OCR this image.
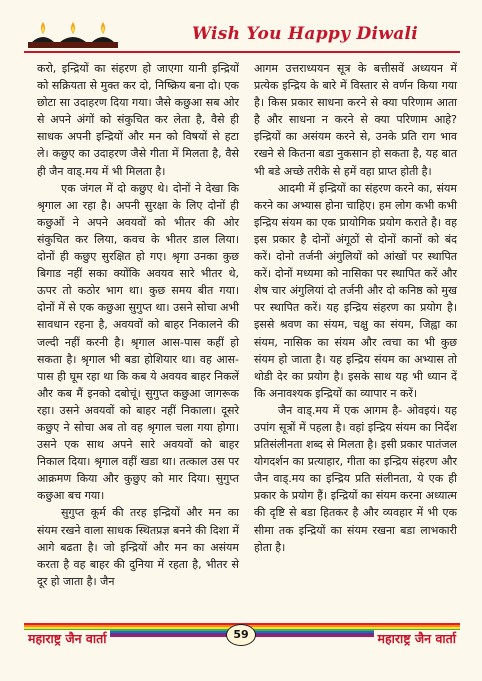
Wish You Happy Diwali

करो, इन्द्रियों का संहरण हो जाएगा यानी इन्द्रियों को सक्रियता से मुक्त कर दो, निष्क्रिय बना दो। एक छोटा सा उदाहरण दिया गया। जैसे कछुआ सब ओर से अपने अंगों को संकुचित कर लेता है, वैसे ही साधक अपनी इन्द्रियों और मन को विषयों से हटा ले। कछुए का उदाहरण जैसे गीता में मिलता है, वैसे ही जैन वाड्.मय में भी मिलता है।

एक जंगल में दो कछुए थे। दोनों ने देखा कि श्रृगाल आ रहा है। अपनी सुरक्षा के लिए दोनों ही कछुओं ने अपने अवयवों को भीतर की ओर संकुचित कर लिया, कवच के भीतर डाल लिया। दोनों ही कछुए सुरक्षित हो गए। श्रृगा उनका कुछ बिगाड नहीं सका क्योंकि अवयव सारे भीतर थे, ऊपर तो कठोर भाग था। कुछ समय बीत गया। दोनों में से एक कछुआ सुगुप्त था। उसने सोचा अभी सावधान रहना है, अवयवों को बाहर निकालने की जल्दी नहीं करनी है। श्रृगाल आस-पास कहीं हो सकता है। श्रृगाल भी बडा होशियार था। वह आस-पास ही घूम रहा था कि कब ये अवयव बाहर निकलें और कब मैं इनको दबोचूं। सुगुप्त कछुआ जागरूक रहा। उसने अवयवों को बाहर नहीं निकाला। दूसरे कछुए ने सोचा अब तो वह श्रृगाल चला गया होगा। उसने एक साथ अपने सारे अवयवों को बाहर निकाल दिया। श्रृगाल वहीं खडा था। तत्काल उस पर आक्रमण किया और कुछुए को मार दिया। सुगुप्त कछुआ बच गया।

सुगुप्त कूर्म की तरह इन्द्रियों और मन का संयम रखने वाला साधक स्थितप्रज्ञ बनने की दिशा में आगे बढता है। जो इन्द्रियों और मन का असंयम करता है वह बाहर की दुनिया में रहता है, भीतर से दूर हो जाता है। जैन

आगम उत्तराध्ययन सूत्र के बत्तीसवें अध्ययन में प्रत्येक इन्द्रिय के बारे में विस्तार से वर्णन किया गया है। किस प्रकार साधना करने से क्या परिणाम आता है और साधना न करने से क्या परिणाम आहे? इन्द्रियों का असंयम करने से, उनके प्रति राग भाव रखने से कितना बडा नुकसान हो सकता है, यह बात भी बडे अच्छे तरीके से हमें वहा प्राप्त होती है।

आदमी में इन्द्रियों का संहरण करने का, संयम करने का अभ्यास होना चाहिए। हम लोग कभी कभी इन्द्रिय संयम का एक प्रायोगिक प्रयोग कराते है। वह इस प्रकार है दोनों अंगूठों से दोनों कानों को बंद करें। दोनो तर्जनी अंगुलियों को आंखों पर स्थापित करें। दोनों मध्यमा को नासिका पर स्थापित करें और शेष चार अंगुलियां दो तर्जनी और दो कनिष्ठ को मुख पर स्थापित करें। यह इन्द्रिय संहरण का प्रयोग है। इससे श्रवण का संयम, चक्षु का संयम, जिह्वा का संयम, नासिक का संयम और त्वचा का भी कुछ संयम हो जाता है। यह इन्द्रिय संयम का अभ्यास तो थोडी देर का प्रयोग है। इसके साथ यह भी ध्यान दें कि अनावश्यक इन्द्रियों का व्यापार न करें।

जैन वाड्.मय में एक आगम है- ओवइयं। यह उपांग सूत्रों में पहला है। वहां इन्द्रिय संयम का निर्देश प्रतिसंलीनता शब्द से मिलता है। इसी प्रकार पातंजल योगदर्शन का प्रत्याहार, गीता का इन्द्रिय संहरण और जैन वाड्.मय का इन्द्रिय प्रति संलीनता, ये एक ही प्रकार के प्रयोग हैं। इन्द्रियों का संयम करना अध्यात्म की दृष्टि से बडा हितकर है और व्यवहार में भी एक सीमा तक इन्द्रियों का संयम रखना बडा लाभकारी होता है।

महाराष्ट्र जैन वार्ता	महाराष्ट्र जैन वार्ता
59
